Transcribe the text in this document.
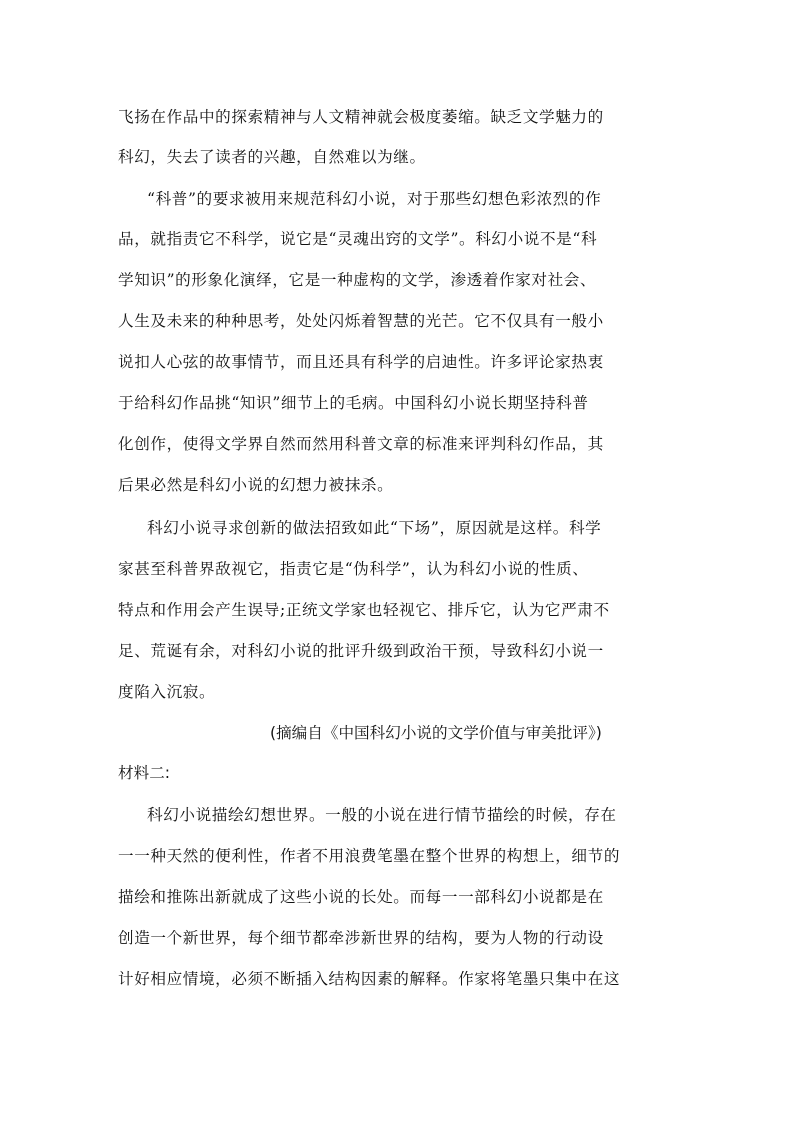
飞扬在作品中的探索精神与人文精神就会极度萎缩。缺乏文学魅力的
科幻，失去了读者的兴趣，自然难以为继。
“科普”的要求被用来规范科幻小说，对于那些幻想色彩浓烈的作
品，就指责它不科学，说它是“灵魂出窍的文学”。科幻小说不是“科
学知识”的形象化演绎，它是一种虚构的文学，渗透着作家对社会、
人生及未来的种种思考，处处闪烁着智慧的光芒。它不仅具有一般小
说扣人心弦的故事情节，而且还具有科学的启迪性。许多评论家热衷
于给科幻作品挑“知识”细节上的毛病。中国科幻小说长期坚持科普
化创作，使得文学界自然而然用科普文章的标准来评判科幻作品，其
后果必然是科幻小说的幻想力被抹杀。
科幻小说寻求创新的做法招致如此“下场”，原因就是这样。科学
家甚至科普界敌视它，指责它是“伪科学”，认为科幻小说的性质、
特点和作用会产生误导;正统文学家也轻视它、排斥它，认为它严肃不
足、荒诞有余，对科幻小说的批评升级到政治干预，导致科幻小说一
度陷入沉寂。
(摘编自《中国科幻小说的文学价值与审美批评》)
材料二:
科幻小说描绘幻想世界。一般的小说在进行情节描绘的时候，存在
一一种天然的便利性，作者不用浪费笔墨在整个世界的构想上，细节的
描绘和推陈出新就成了这些小说的长处。而每一一部科幻小说都是在
创造一个新世界，每个细节都牵涉新世界的结构，要为人物的行动设
计好相应情境，必须不断插入结构因素的解释。作家将笔墨只集中在这
